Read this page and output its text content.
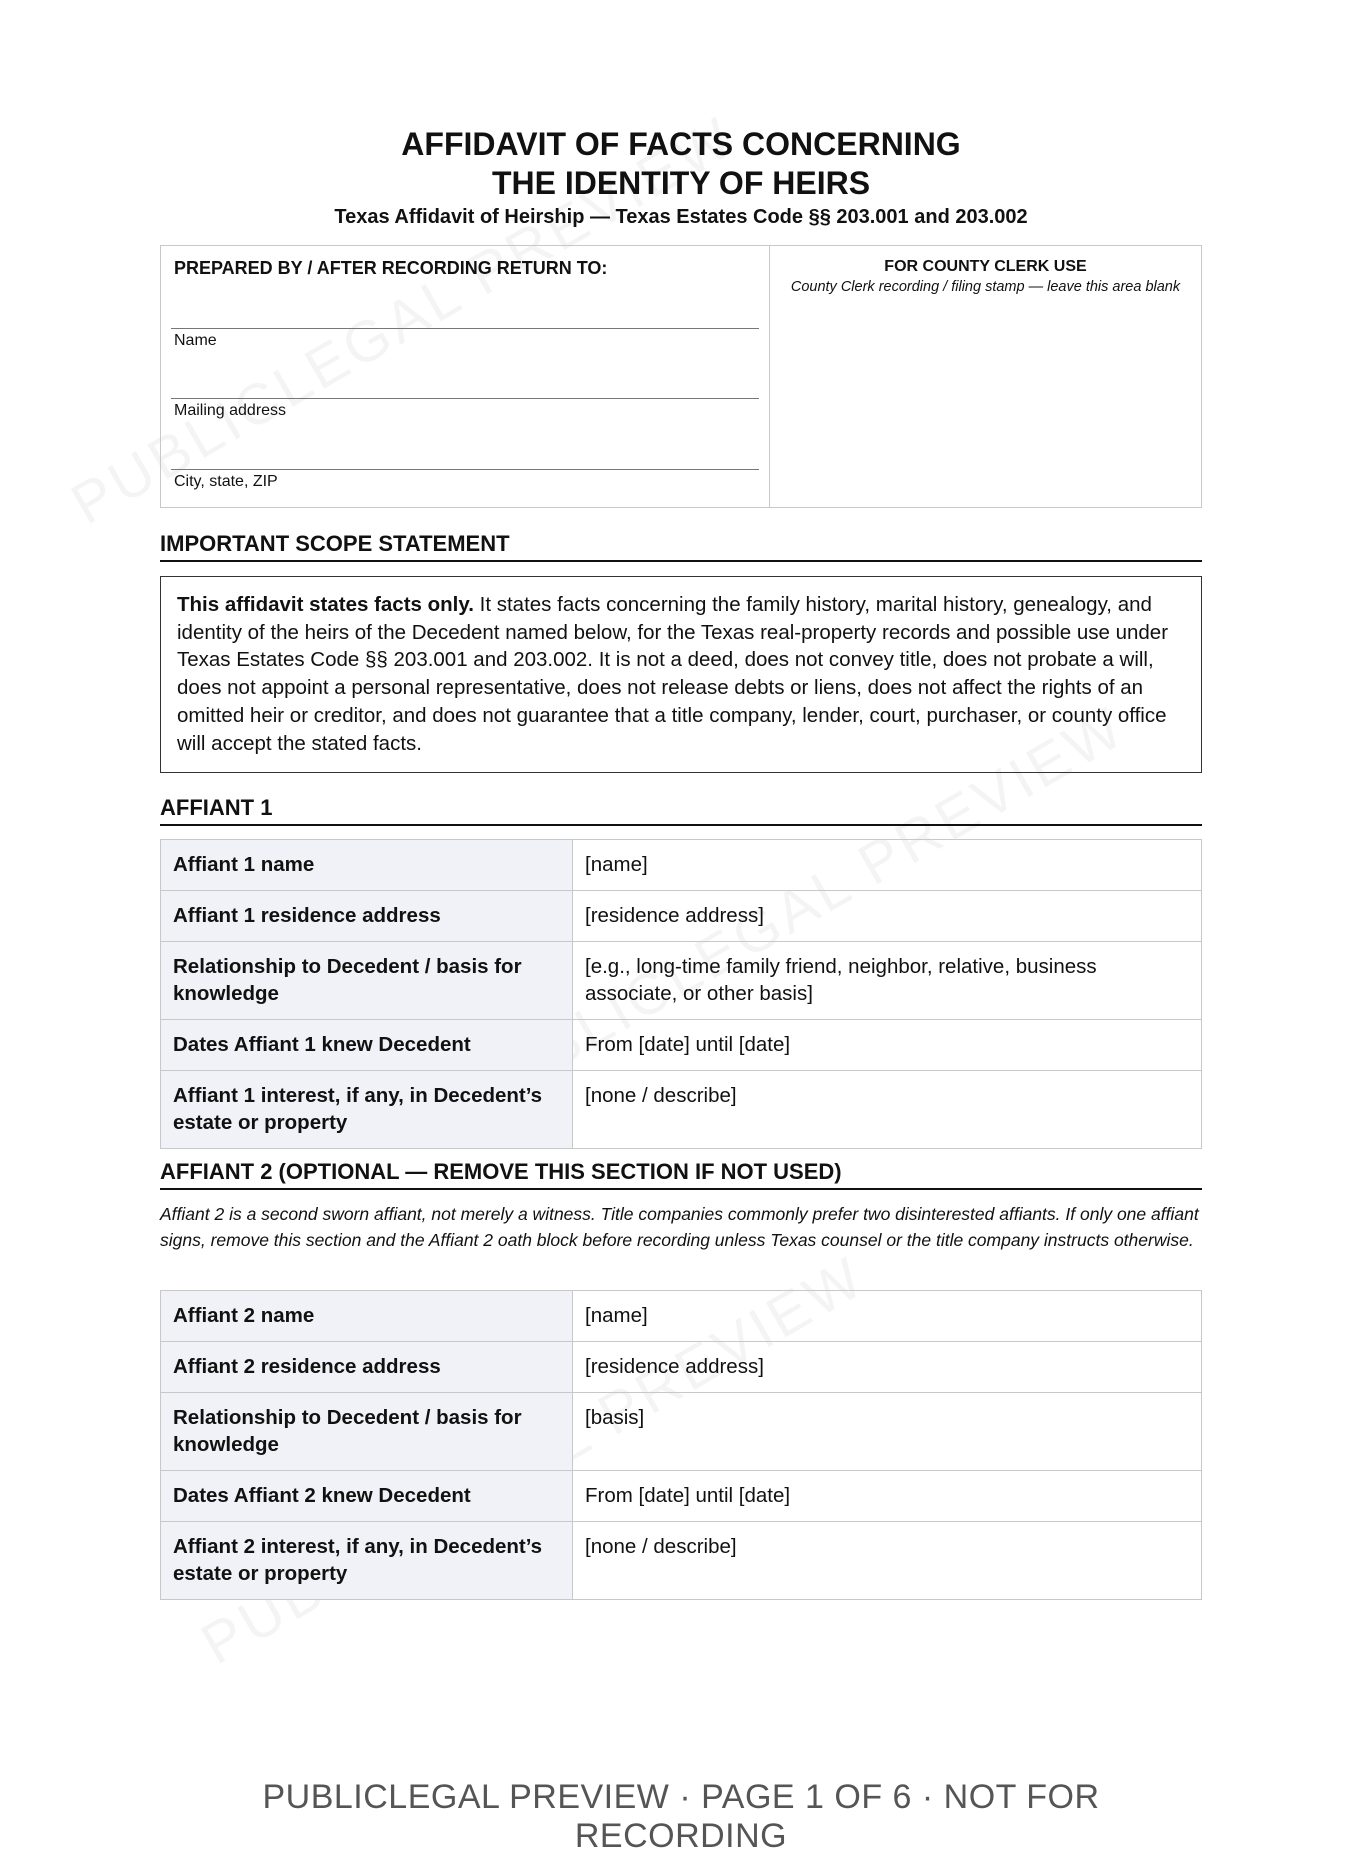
AFFIDAVIT OF FACTS CONCERNING
THE IDENTITY OF HEIRS
Texas Affidavit of Heirship — Texas Estates Code §§ 203.001 and 203.002
PREPARED BY / AFTER RECORDING RETURN TO:
Name
Mailing address
City, state, ZIP
FOR COUNTY CLERK USE
County Clerk recording / filing stamp — leave this area blank
IMPORTANT SCOPE STATEMENT
This affidavit states facts only. It states facts concerning the family history, marital history, genealogy, and identity of the heirs of the Decedent named below, for the Texas real-property records and possible use under Texas Estates Code §§ 203.001 and 203.002. It is not a deed, does not convey title, does not probate a will, does not appoint a personal representative, does not release debts or liens, does not affect the rights of an omitted heir or creditor, and does not guarantee that a title company, lender, court, purchaser, or county office will accept the stated facts.
AFFIANT 1
Affiant 1 name	[name]
Affiant 1 residence address	[residence address]
Relationship to Decedent / basis for knowledge	[e.g., long-time family friend, neighbor, relative, business associate, or other basis]
Dates Affiant 1 knew Decedent	From [date] until [date]
Affiant 1 interest, if any, in Decedent’s estate or property	[none / describe]
AFFIANT 2 (OPTIONAL — REMOVE THIS SECTION IF NOT USED)
Affiant 2 is a second sworn affiant, not merely a witness. Title companies commonly prefer two disinterested affiants. If only one affiant signs, remove this section and the Affiant 2 oath block before recording unless Texas counsel or the title company instructs otherwise.
Affiant 2 name	[name]
Affiant 2 residence address	[residence address]
Relationship to Decedent / basis for knowledge	[basis]
Dates Affiant 2 knew Decedent	From [date] until [date]
Affiant 2 interest, if any, in Decedent’s estate or property	[none / describe]
PUBLICLEGAL PREVIEW · PAGE 1 OF 6 · NOT FOR RECORDING
